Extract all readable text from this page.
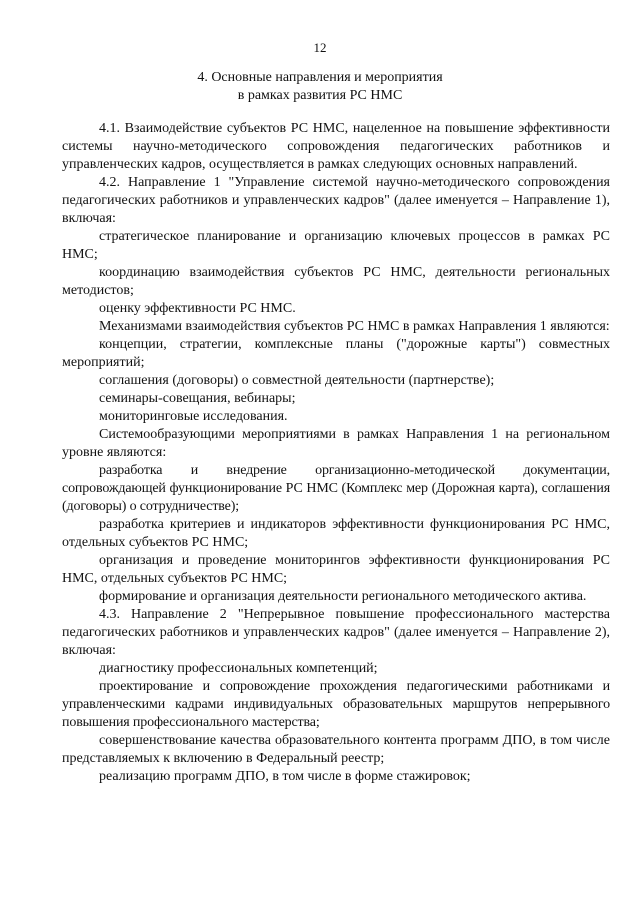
12
4. Основные направления и мероприятия
в рамках развития РС НМС

4.1. Взаимодействие субъектов РС НМС, нацеленное на повышение эффективности системы научно-методического сопровождения педагогических работников и управленческих кадров, осуществляется в рамках следующих основных направлений.

4.2. Направление 1 "Управление системой научно-методического сопровождения педагогических работников и управленческих кадров" (далее именуется – Направление 1), включая:

стратегическое планирование и организацию ключевых процессов в рамках РС НМС;

координацию взаимодействия субъектов РС НМС, деятельности региональных методистов;

оценку эффективности РС НМС.

Механизмами взаимодействия субъектов РС НМС в рамках Направления 1 являются:

концепции, стратегии, комплексные планы ("дорожные карты") совместных мероприятий;

соглашения (договоры) о совместной деятельности (партнерстве);

семинары-совещания, вебинары;

мониторинговые исследования.

Системообразующими мероприятиями в рамках Направления 1 на региональном уровне являются:

разработка и внедрение организационно-методической документации, сопровождающей функционирование РС НМС (Комплекс мер (Дорожная карта), соглашения (договоры) о сотрудничестве);

разработка критериев и индикаторов эффективности функционирования РС НМС, отдельных субъектов РС НМС;

организация и проведение мониторингов эффективности функционирования РС НМС, отдельных субъектов РС НМС;

формирование и организация деятельности регионального методического актива.

4.3. Направление 2 "Непрерывное повышение профессионального мастерства педагогических работников и управленческих кадров" (далее именуется – Направление 2), включая:

диагностику профессиональных компетенций;

проектирование и сопровождение прохождения педагогическими работниками и управленческими кадрами индивидуальных образовательных маршрутов непрерывного повышения профессионального мастерства;

совершенствование качества образовательного контента программ ДПО, в том числе представляемых к включению в Федеральный реестр;

реализацию программ ДПО, в том числе в форме стажировок;
